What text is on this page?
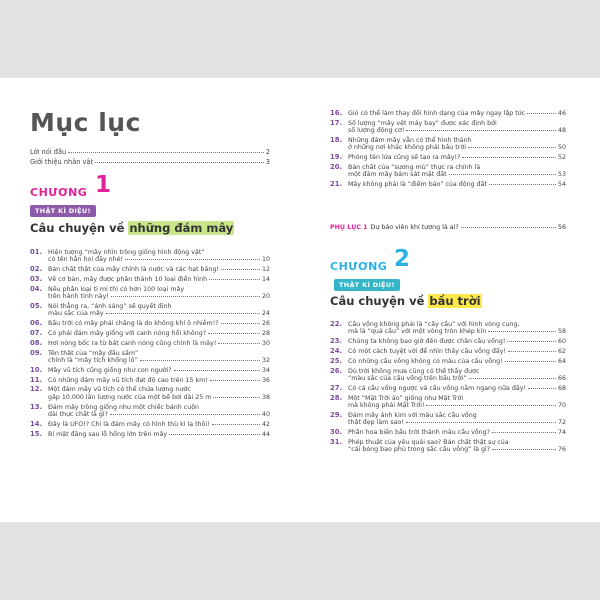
Mục lục
Lời nói đầu	2
Giới thiệu nhân vật	3
CHƯƠNG 1
THẬT KÌ DIỆU!
Câu chuyện về những đám mây
01. Hiện tượng “mây nhìn trông giống hình động vật”
có tên hẳn hoi đấy nhé!	10
02. Bản chất thật của mây chính là nước và các hạt băng!	12
03. Về cơ bản, mây được phân thành 10 loại điển hình	14
04. Nếu phân loại tỉ mỉ thì có hơn 100 loại mây
trên hành tinh này!	20
05. Nói thẳng ra, “ánh sáng” sẽ quyết định
màu sắc của mây	24
06. Bầu trời có mây phải chăng là do không khí ô nhiễm!?	26
07. Có phải đám mây giống với canh nóng hổi không?	28
08. Hơi nóng bốc ra từ bát canh nóng cũng chính là mây!	30
09. Tên thật của “mây đầu sấm”
chính là “mây tích khổng lồ”	32
10. Mây vũ tích cũng giống như con người?	34
11. Có những đám mây vũ tích đạt độ cao trên 15 km!	36
12. Một đám mây vũ tích có thể chứa lượng nước
gấp 10.000 lần lượng nước của một bể bơi dài 25 m	38
13. Đám mây trông giống như một chiếc bánh cuộn
dài thực chất là gì?	40
14. Đây là UFO!? Chỉ là đám mây có hình thù kì lạ thôi!	42
15. Bí mật đằng sau lỗ hổng lớn trên mây	44
16. Gió có thể làm thay đổi hình dạng của mây ngay lập tức	46
17. Số lượng “mây vệt máy bay” được xác định bởi
số lượng động cơ!	48
18. Những đám mây vẫn có thể hình thành
ở những nơi khác không phải bầu trời	50
19. Phóng tên lửa cũng sẽ tạo ra mây!?	52
20. Bản chất của “sương mù” thực ra chính là
một đám mây bám sát mặt đất	53
21. Mây không phải là “điềm báo” của động đất	54
PHỤ LỤC 1 Dự báo viên khí tượng là ai?	56
CHƯƠNG 2
THẬT KÌ DIỆU!
Câu chuyện về bầu trời
22. Cầu vồng không phải là “cây cầu” với hình vòng cung,
mà là “quả cầu” với một vòng tròn khép kín	58
23. Chúng ta không bao giờ đến được chân cầu vồng!	60
24. Có một cách tuyệt vời để nhìn thấy cầu vồng đấy!	62
25. Có những cầu vồng không có màu của cầu vồng!	64
26. Dù trời không mưa cũng có thể thấy được
“màu sắc của cầu vồng trên bầu trời”	66
27. Có cả cầu vồng ngược và cầu vồng nằm ngang nữa đấy!	68
28. Một “Mặt Trời ảo” giống như Mặt Trời
mà không phải Mặt Trời!	70
29. Đám mây ánh kim với màu sắc cầu vồng
thật đẹp làm sao!	72
30. Phân hoa biến bầu trời thành màu cầu vồng?	74
31. Phép thuật của yêu quái sao? Bản chất thật sự của
“cái bóng bao phủ trong sắc cầu vồng” là gì?	76
